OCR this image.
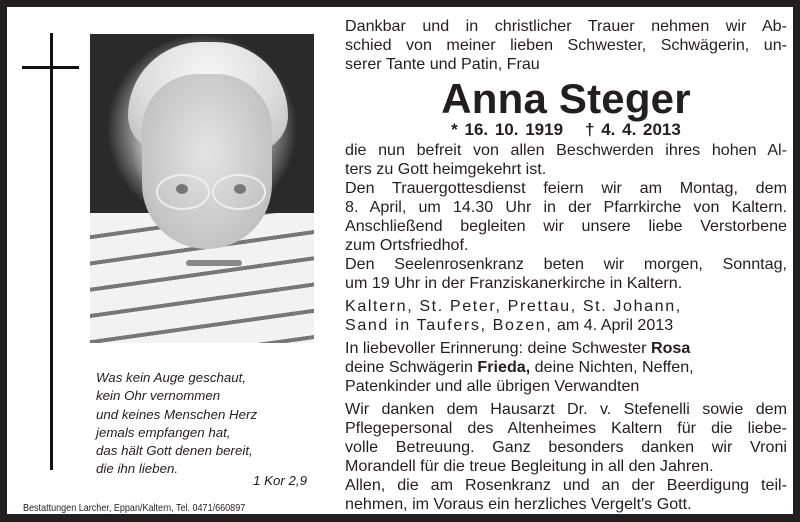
Was kein Auge geschaut,
kein Ohr vernommen
und keines Menschen Herz
jemals empfangen hat,
das hält Gott denen bereit,
die ihn lieben.
1 Kor 2,9
Bestattungen Larcher, Eppan/Kaltern, Tel. 0471/660897

Dankbar und in christlicher Trauer nehmen wir Ab-

schied von meiner lieben Schwester, Schwägerin, un-

serer Tante und Patin, Frau

Anna Steger
* 16. 10. 1919 † 4. 4. 2013

die nun befreit von allen Beschwerden ihres hohen Al-

ters zu Gott heimgekehrt ist.

Den Trauergottesdienst feiern wir am Montag, dem

8. April, um 14.30 Uhr in der Pfarrkirche von Kaltern.

Anschließend begleiten wir unsere liebe Verstorbene

zum Ortsfriedhof.

Den Seelenrosenkranz beten wir morgen, Sonntag,

um 19 Uhr in der Franziskanerkirche in Kaltern.

Kaltern, St. Peter, Prettau, St. Johann,

Sand in Taufers, Bozen, am 4. April 2013

In liebevoller Erinnerung: deine Schwester Rosa

deine Schwägerin Frieda, deine Nichten, Neffen,

Patenkinder und alle übrigen Verwandten

Wir danken dem Hausarzt Dr. v. Stefenelli sowie dem

Pflegepersonal des Altenheimes Kaltern für die liebe-

volle Betreuung. Ganz besonders danken wir Vroni

Morandell für die treue Begleitung in all den Jahren.

Allen, die am Rosenkranz und an der Beerdigung teil-

nehmen, im Voraus ein herzliches Vergelt's Gott.
